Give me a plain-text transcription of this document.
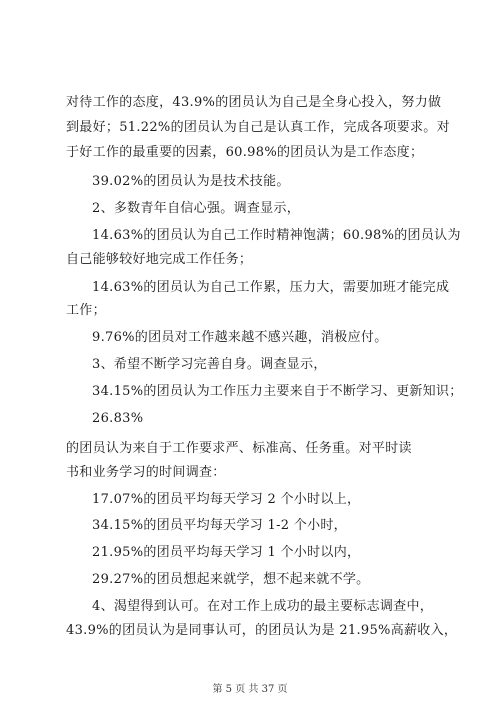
对待工作的态度，43.9%的团员认为自己是全身心投入，努力做
到最好；51.22%的团员认为自己是认真工作，完成各项要求。对
于好工作的最重要的因素，60.98%的团员认为是工作态度；
39.02%的团员认为是技术技能。
2、多数青年自信心强。调查显示，
14.63%的团员认为自己工作时精神饱满；60.98%的团员认为
自己能够较好地完成工作任务；
14.63%的团员认为自己工作累，压力大，需要加班才能完成
工作；
9.76%的团员对工作越来越不感兴趣，消极应付。
3、希望不断学习完善自身。调查显示，
34.15%的团员认为工作压力主要来自于不断学习、更新知识；
26.83%
的团员认为来自于工作要求严、标准高、任务重。对平时读
书和业务学习的时间调查：
17.07%的团员平均每天学习 2 个小时以上，
34.15%的团员平均每天学习 1-2 个小时，
21.95%的团员平均每天学习 1 个小时以内，
29.27%的团员想起来就学，想不起来就不学。
4、渴望得到认可。在对工作上成功的最主要标志调查中，
43.9%的团员认为是同事认可，的团员认为是 21.95%高薪收入，
第 5 页 共 37 页
